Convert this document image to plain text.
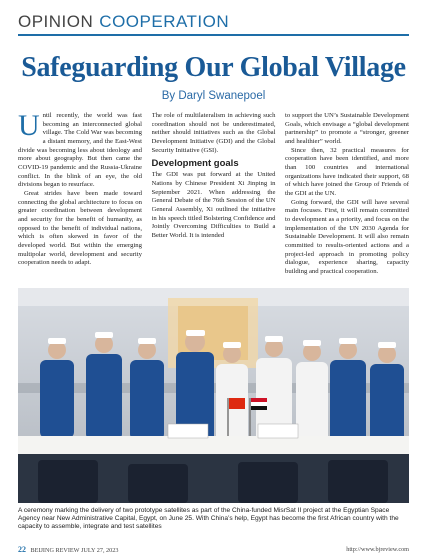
OPINION COOPERATION
Safeguarding Our Global Village
By Daryl Swanepoel

Until recently, the world was fast becoming an interconnected global village. The Cold War was becoming a distant memory, and the East-West divide was becoming less about ideology and more about geography. But then came the COVID-19 pandemic and the Russia-Ukraine conflict. In the blink of an eye, the old divisions began to resurface.

Great strides have been made toward connecting the global architecture to focus on greater coordination between development and security for the benefit of humanity, as opposed to the benefit of individual nations, which is often skewed in favor of the developed world. But within the emerging multipolar world, development and security cooperation needs to adapt.

The role of multilateralism in achieving such coordination should not be underestimated, neither should initiatives such as the Global Development Initiative (GDI) and the Global Security Initiative (GSI).

Development goals

The GDI was put forward at the United Nations by Chinese President Xi Jinping in September 2021. When addressing the General Debate of the 76th Session of the UN General Assembly, Xi outlined the initiative in his speech titled Bolstering Confidence and Jointly Overcoming Difficulties to Build a Better World. It is intended

to support the UN’s Sustainable Development Goals, which envisage a “global development partnership” to promote a “stronger, greener and healthier” world.

Since then, 32 practical measures for cooperation have been identified, and more than 100 countries and international organizations have indicated their support, 68 of which have joined the Group of Friends of the GDI at the UN.

Going forward, the GDI will have several main focuses. First, it will remain committed to development as a priority, and focus on the implementation of the UN 2030 Agenda for Sustainable Development. It will also remain committed to results-oriented actions and a project-led approach in promoting policy dialogue, experience sharing, capacity building and practical cooperation.

A ceremony marking the delivery of two prototype satellites as part of the China-funded MisrSat II project at the Egyptian Space Agency near New Administrative Capital, Egypt, on June 25. With China’s help, Egypt has become the first African country with the capacity to assemble, integrate and test satellites
22 BEIJING REVIEW JULY 27, 2023	http://www.bjreview.com
